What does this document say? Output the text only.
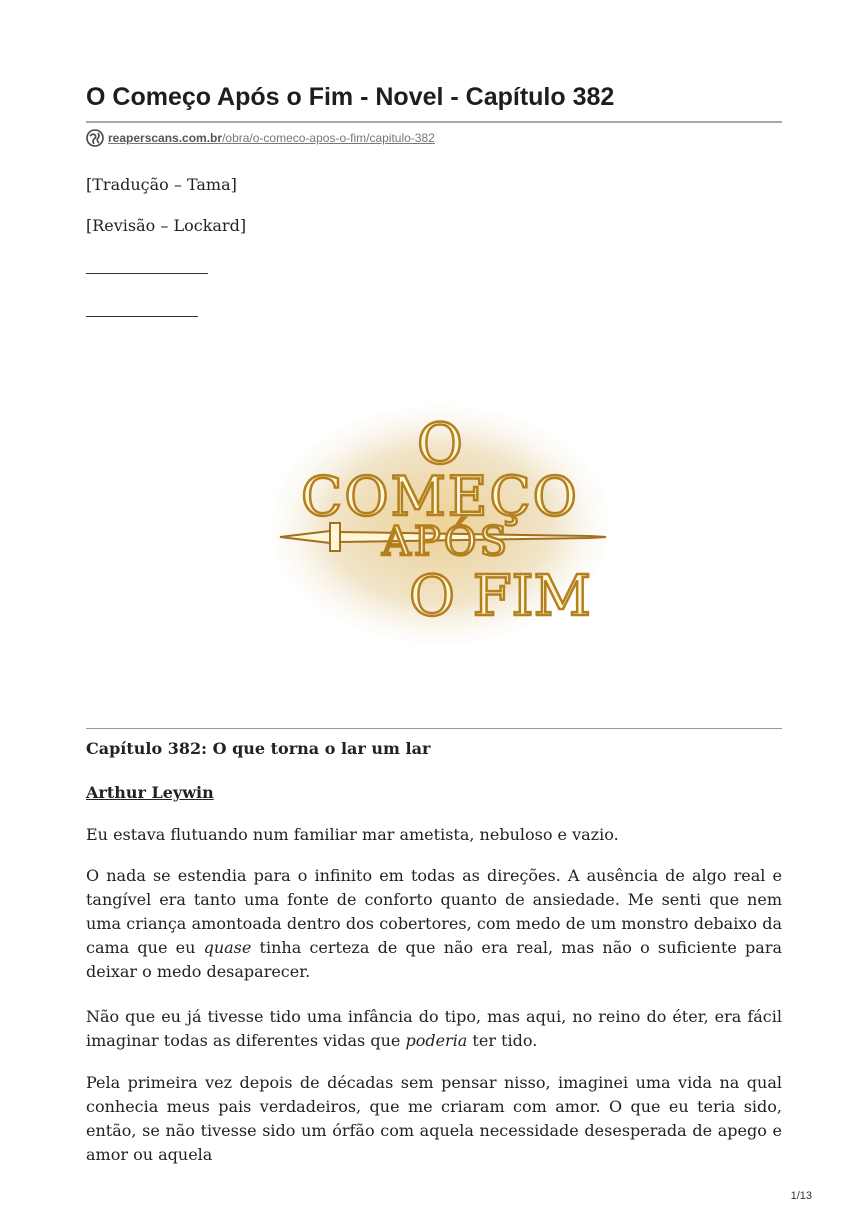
O Começo Após o Fim - Novel - Capítulo 382
reaperscans.com.br/obra/o-comeco-apos-o-fim/capitulo-382
[Tradução – Tama]
[Revisão – Lockard]
O
COMEÇO
APÓS
O FIM
Capítulo 382: O que torna o lar um lar
Arthur Leywin

Eu estava flutuando num familiar mar ametista, nebuloso e vazio.

O nada se estendia para o infinito em todas as direções. A ausência de algo real e tangível era tanto uma fonte de conforto quanto de ansiedade. Me senti que nem uma criança amontoada dentro dos cobertores, com medo de um monstro debaixo da cama que eu quase tinha certeza de que não era real, mas não o suficiente para deixar o medo desaparecer.

Não que eu já tivesse tido uma infância do tipo, mas aqui, no reino do éter, era fácil imaginar todas as diferentes vidas que poderia ter tido.

Pela primeira vez depois de décadas sem pensar nisso, imaginei uma vida na qual conhecia meus pais verdadeiros, que me criaram com amor. O que eu teria sido, então, se não tivesse sido um órfão com aquela necessidade desesperada de apego e amor ou aquela

1/13
